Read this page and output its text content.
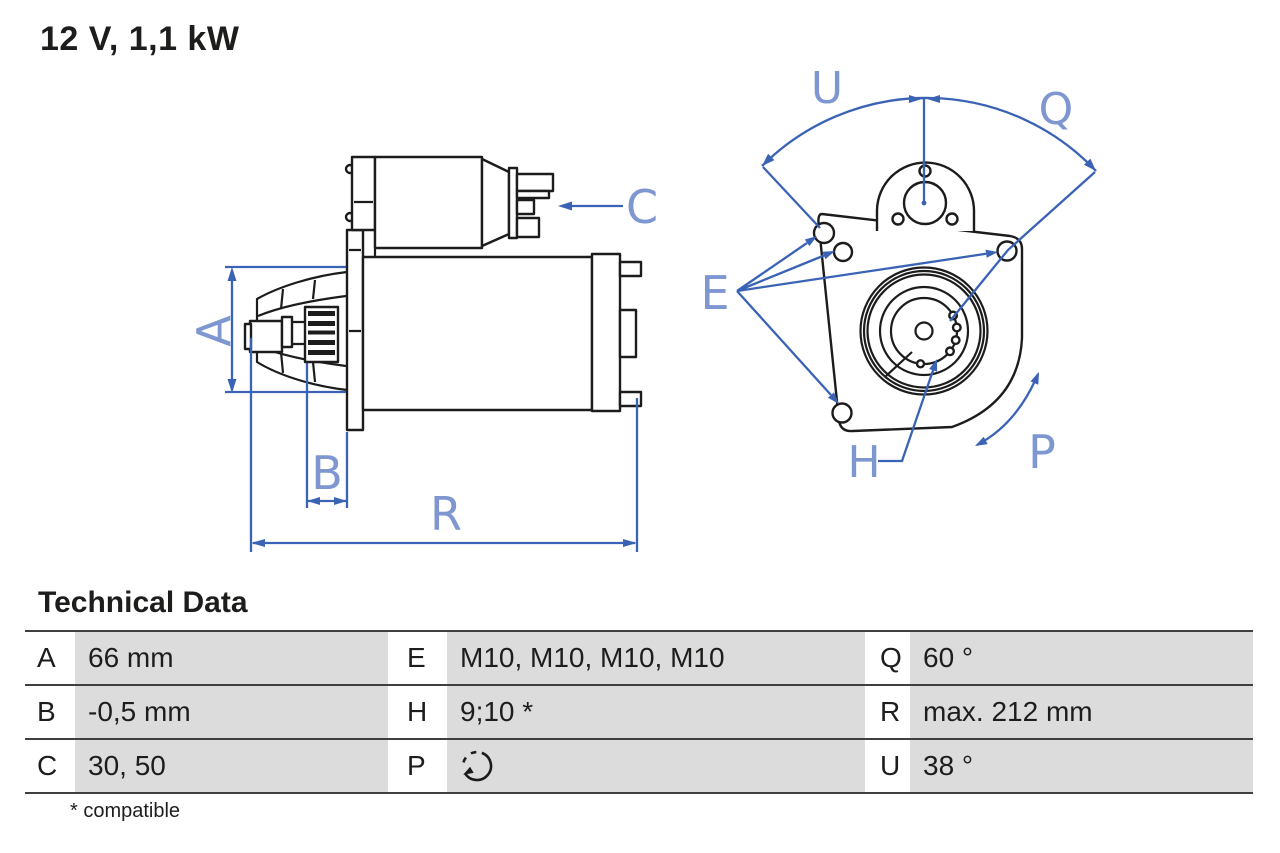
12 V, 1,1 kW
A
B
R
C
U	Q
E
H	P
Technical Data
A	66 mm	E	M10, M10, M10, M10	Q 60 °
B	-0,5 mm	H	9;10 *	R max. 212 mm
C	30, 50	P	U 38 °
* compatible
